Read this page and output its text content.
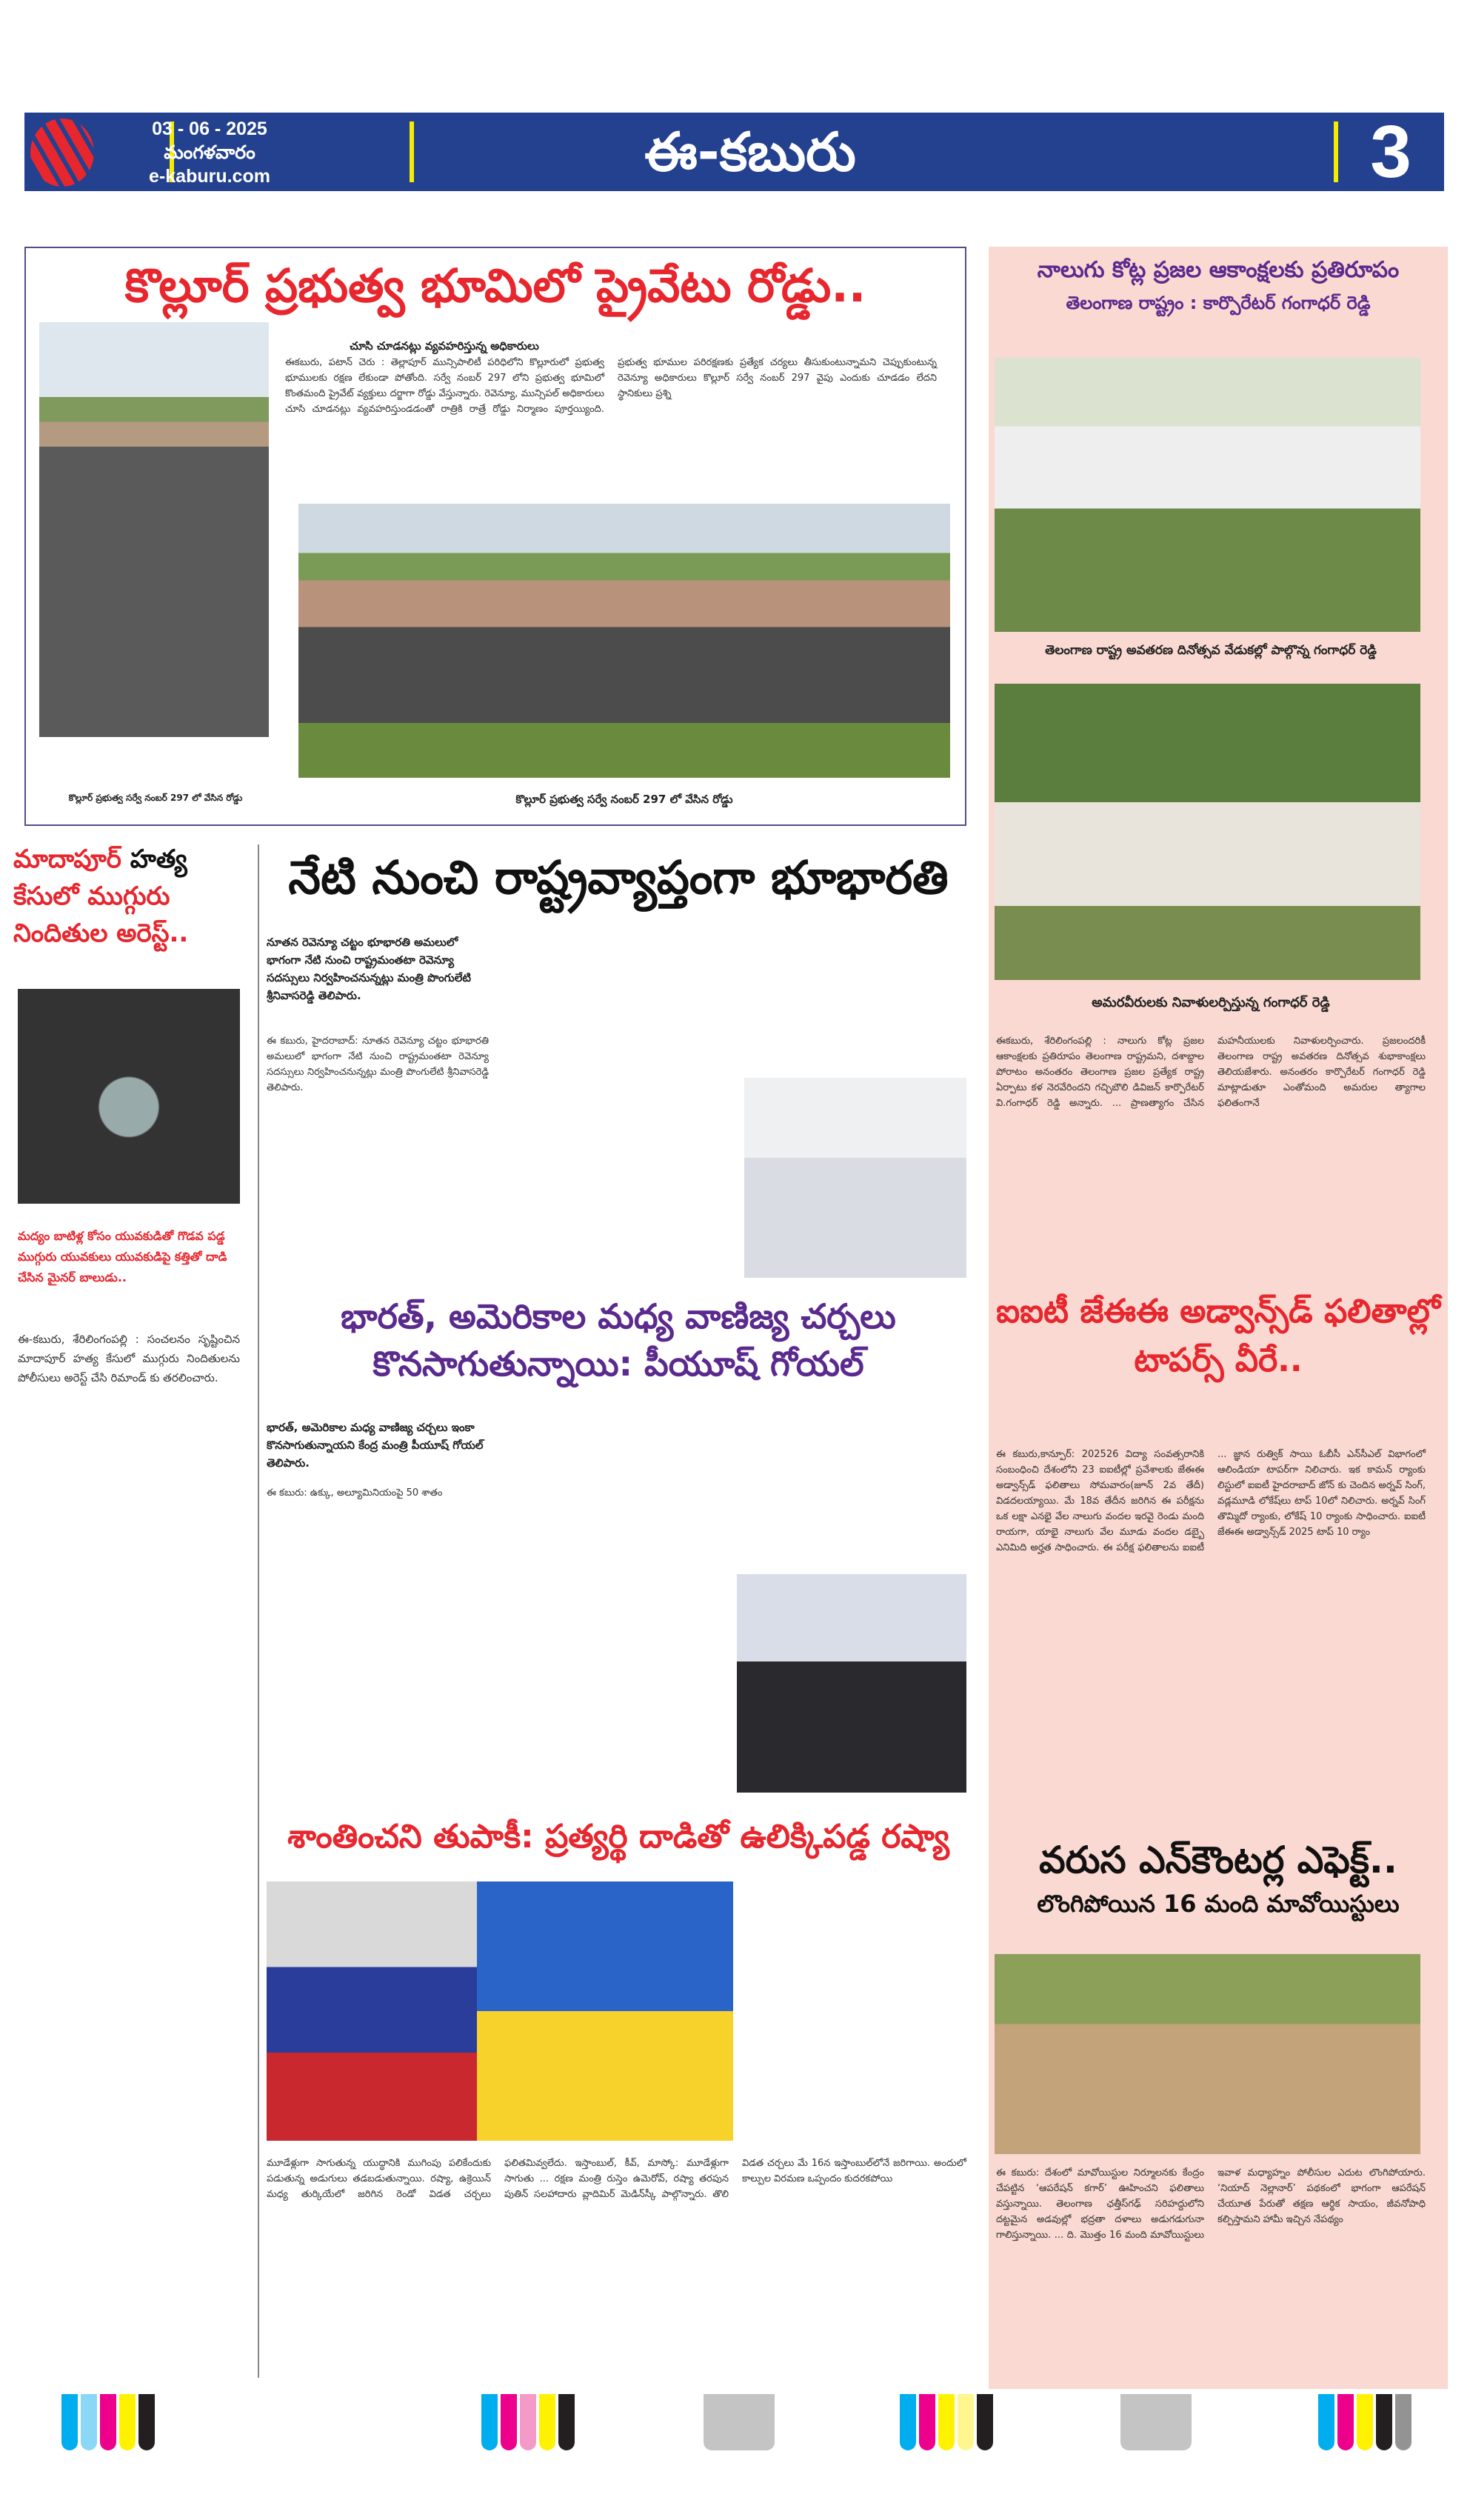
03 - 06 - 2025
మంగళవారం
e-kaburu.com	ఈ-కబురు	3
కొల్లూర్ ప్రభుత్వ భూమిలో ప్రైవేటు రోడ్డు..
చూసి చూడనట్లు వ్యవహరిస్తున్న అధికారులు
ఈకబురు, పటాన్ చెరు : తెల్లాపూర్ మున్సిపాలిటీ పరిధిలోని కొల్లూరులో ప్రభుత్వ భూములకు రక్షణ లేకుండా పోతోంది. సర్వే నంబర్ 297 లోని ప్రభుత్వ భూమిలో కొంతమంది ప్రైవేట్ వ్యక్తులు దర్జాగా రోడ్డు వేస్తున్నారు. రెవెన్యూ, మున్సిపల్ అధికారులు చూసి చూడనట్లు వ్యవహరిస్తుండడంతో రాత్రికి రాత్రే రోడ్డు నిర్మాణం పూర్తయ్యింది. ప్రభుత్వ భూముల పరిరక్షణకు ప్రత్యేక చర్యలు తీసుకుంటున్నామని చెప్పుకుంటున్న రెవెన్యూ అధికారులు కొల్లూర్ సర్వే నంబర్ 297 వైపు ఎందుకు చూడడం లేదని స్థానికులు ప్రశ్ని
కొల్లూర్ ప్రభుత్వ సర్వే నంబర్ 297 లో వేసిన రోడ్డు	కొల్లూర్ ప్రభుత్వ సర్వే నంబర్ 297 లో వేసిన రోడ్డు
నాలుగు కోట్ల ప్రజల ఆకాంక్షలకు ప్రతిరూపం
తెలంగాణ రాష్ట్రం : కార్పొరేటర్ గంగాధర్ రెడ్డి
తెలంగాణ రాష్ట్ర అవతరణ దినోత్సవ వేడుకల్లో పాల్గొన్న గంగాధర్ రెడ్డి
అమరవీరులకు నివాళులర్పిస్తున్న గంగాధర్ రెడ్డి
ఈకబురు, శేరిలింగంపల్లి : నాలుగు కోట్ల ప్రజల ఆకాంక్షలకు ప్రతిరూపం తెలంగాణ రాష్ట్రమని, దశాబ్దాల పోరాటం అనంతరం తెలంగాణ ప్రజల ప్రత్యేక రాష్ట్ర ఏర్పాటు కళ నెరవేరిందని గచ్చిబౌలి డివిజన్ కార్పొరేటర్ వి.గంగాధర్ రెడ్డి అన్నారు. ... ప్రాణత్యాగం చేసిన మహనీయులకు నివాళులర్పించారు. ప్రజలందరికీ తెలంగాణ రాష్ట్ర అవతరణ దినోత్సవ శుభాకాంక్షలు తెలియజేశారు. అనంతరం కార్పొరేటర్ గంగాధర్ రెడ్డి మాట్లాడుతూ ఎంతోమంది అమరుల త్యాగాల ఫలితంగానే
ఐఐటీ జేఈఈ అడ్వాన్స్‌డ్ ఫలితాల్లో టాపర్స్ వీరే..
ఈ కబురు,కాన్పూర్: 202526 విద్యా సంవత్సరానికి సంబంధించి దేశంలోని 23 ఐఐటీల్లో ప్రవేశాలకు జేఈఈ అడ్వాన్స్‌డ్ ఫలితాలు సోమవారం(జూన్ 2వ తేదీ) విడదలయ్యాయి. మే 18వ తేదీన జరిగిన ఈ పరీక్షను ఒక లక్షా ఎనభై వేల నాలుగు వందల ఇరవై రెండు మంది రాయగా, యాభై నాలుగు వేల మూడు వందల డబ్బై ఎనిమిది అర్హత సాధించారు. ఈ పరీక్ష ఫలితాలను ఐఐటీ ... జ్ఞాన రుత్విక్ సాయి ఓబీసీ ఎన్‌సీఎల్ విభాగంలో ఆలిండియా టాపర్‌గా నిలిచారు. ఇక కామన్ ర్యాంకు లిస్టులో ఐఐటీ హైదరాబాద్ జోన్ కు చెందిన అర్నవ్ సింగ్, వడ్లమూడి లోకేష్‌లు టాప్ 10లో నిలిచారు. అర్నవ్ సింగ్ తొమ్మిదో ర్యాంకు, లోకేష్ 10 ర్యాంకు సాధించారు. ఐఐటీ జేఈఈ అడ్వాన్స్‌డ్ 2025 టాప్ 10 ర్యాం
వరుస ఎన్‌కౌంటర్ల ఎఫెక్ట్..
లొంగిపోయిన 16 మంది మావోయిస్టులు
ఈ కబురు: దేశంలో మావోయిస్టుల నిర్మూలనకు కేంద్రం చేపట్టిన ‘ఆపరేషన్ కగార్’ ఊహించని ఫలితాలు వస్తున్నాయి. తెలంగాణ ఛత్తీస్‌గఢ్ సరిహద్దులోని దట్టమైన అడవుల్లో భద్రతా దళాలు అడుగడుగునా గాలిస్తున్నాయి. ... ది. మొత్తం 16 మంది మావోయిస్టులు ఇవాళ మధ్యాహ్నం పోలీసుల ఎదుట లొంగిపోయారు. ‘నియాద్ నెల్లానార్’ పథకంలో భాగంగా ఆపరేషన్ చేయూత పేరుతో తక్షణ ఆర్థిక సాయం, జీవనోపాధి కల్పిస్తామని హామీ ఇచ్చిన నేపథ్యం
మాదాపూర్ హత్య కేసులో ముగ్గురు నిందితుల అరెస్ట్..
మద్యం బాటిళ్ల కోసం యువకుడితో గొడవ పడ్డ ముగ్గురు యువకులు యువకుడిపై కత్తితో దాడి చేసిన మైనర్ బాలుడు..
ఈ-కబురు, శేరిలింగంపల్లి : సంచలనం సృష్టించిన మాదాపూర్ హత్య కేసులో ముగ్గురు నిందితులను పోలీసులు అరెస్ట్ చేసి రిమాండ్ కు తరలించారు.
నేటి నుంచి రాష్ట్రవ్యాప్తంగా భూభారతి
నూతన రెవెన్యూ చట్టం భూభారతి అమలులో భాగంగా నేటి నుంచి రాష్ట్రమంతటా రెవెన్యూ సదస్సులు నిర్వహించనున్నట్లు మంత్రి పొంగులేటి శ్రీనివాసరెడ్డి తెలిపారు.
ఈ కబురు, హైదరాబాద్: నూతన రెవెన్యూ చట్టం భూభారతి అమలులో భాగంగా నేటి నుంచి రాష్ట్రమంతటా రెవెన్యూ సదస్సులు నిర్వహించనున్నట్లు మంత్రి పొంగులేటి శ్రీనివాసరెడ్డి తెలిపారు.
భారత్, అమెరికాల మధ్య వాణిజ్య చర్చలు
కొనసాగుతున్నాయి: పీయూష్ గోయల్
భారత్, అమెరికాల మధ్య వాణిజ్య చర్చలు ఇంకా కొనసాగుతున్నాయని కేంద్ర మంత్రి పీయూష్ గోయల్ తెలిపారు.
ఈ కబురు: ఉక్కు, అల్యూమినియంపై 50 శాతం
శాంతించని తుపాకీ: ప్రత్యర్థి దాడితో ఉలిక్కిపడ్డ రష్యా
మూడేళ్లుగా సాగుతున్న యుద్ధానికి ముగింపు పలికేందుకు పడుతున్న అడుగులు తడబడుతున్నాయి. రష్యా, ఉక్రెయిన్ మధ్య తుర్కియేలో జరిగిన రెండో విడత చర్చలు ఫలితమివ్వలేదు. ఇస్తాంబుల్, కీవ్, మాస్కో: మూడేళ్లుగా సాగుతు ... రక్షణ మంత్రి రుస్తెం ఉమెరోవ్, రష్యా తరపున పుతిన్ సలహాదారు వ్లాదిమిర్ మెడిన్‌స్కీ పాల్గొన్నారు. తొలి విడత చర్చలు మే 16న ఇస్తాంబుల్‌లోనే జరిగాయి. అందులో కాల్పుల విరమణ ఒప్పందం కుదరకపోయి
